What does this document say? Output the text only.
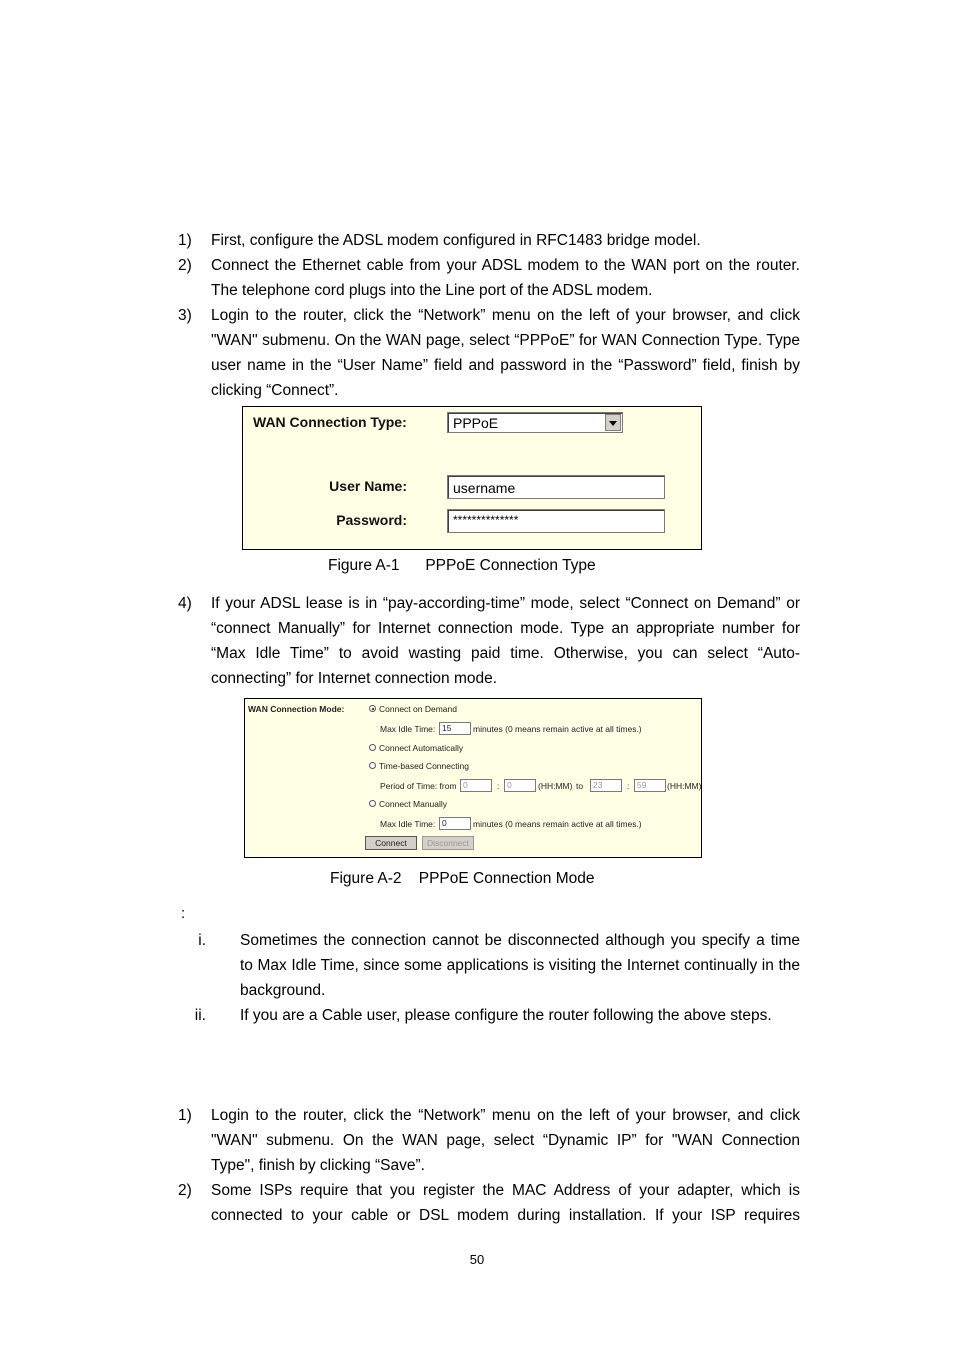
1) First, configure the ADSL modem configured in RFC1483 bridge model.
2) Connect the Ethernet cable from your ADSL modem to the WAN port on the router. The telephone cord plugs into the Line port of the ADSL modem.
3) Login to the router, click the “Network” menu on the left of your browser, and click "WAN" submenu. On the WAN page, select “PPPoE” for WAN Connection Type. Type user name in the “User Name” field and password in the “Password” field, finish by clicking “Connect”.
WAN Connection Type:	PPPoE
User Name:	username
Password:	**************
Figure A-1      PPPoE Connection Type
4) If your ADSL lease is in “pay-according-time” mode, select “Connect on Demand” or “connect Manually” for Internet connection mode. Type an appropriate number for “Max Idle Time” to avoid wasting paid time. Otherwise, you can select “Auto-connecting” for Internet connection mode.
WAN Connection Mode:	Connect on Demand
Max Idle Time: 15	minutes (0 means remain active at all times.)
Connect Automatically
Time-based Connecting
Period of Time: from 0	: 0	(HH:MM) to	23	: 59	(HH:MM)
Connect Manually
Max Idle Time: 0	minutes (0 means remain active at all times.)
Connect	Disconnect
Figure A-2    PPPoE Connection Mode
:
i. Sometimes the connection cannot be disconnected although you specify a time to Max Idle Time, since some applications is visiting the Internet continually in the background.
ii. If you are a Cable user, please configure the router following the above steps.
1) Login to the router, click the “Network” menu on the left of your browser, and click "WAN" submenu. On the WAN page, select “Dynamic IP” for "WAN Connection Type", finish by clicking “Save”.
2) Some ISPs require that you register the MAC Address of your adapter, which is connected to your cable or DSL modem during installation. If your ISP requires
50
